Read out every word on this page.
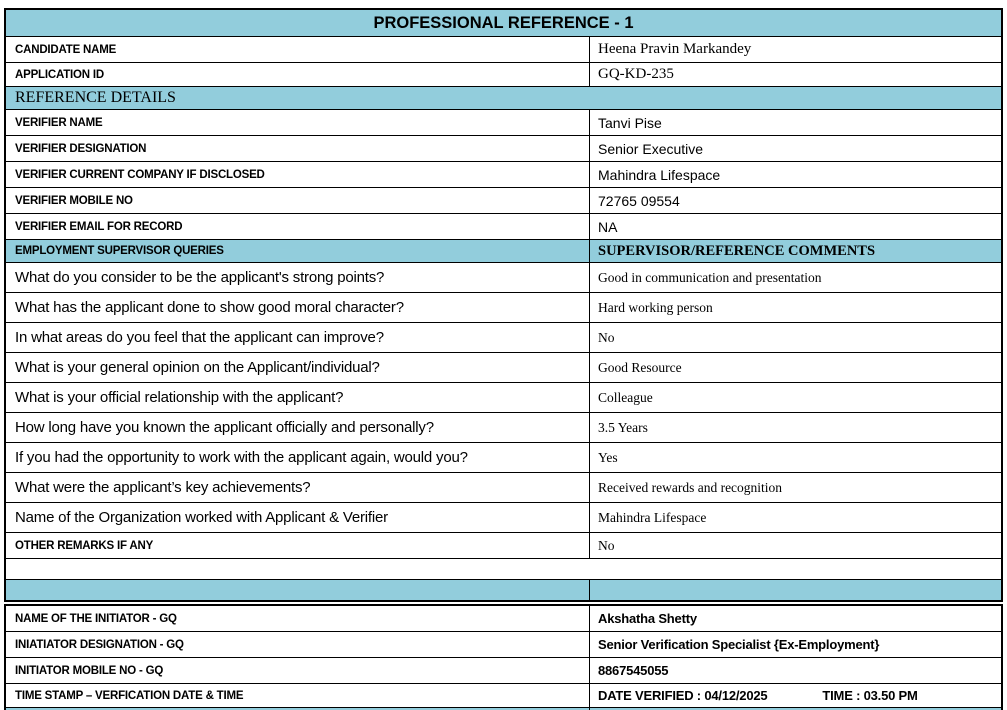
PROFESSIONAL REFERENCE - 1
CANDIDATE NAME	Heena Pravin Markandey
APPLICATION ID	GQ-KD-235
REFERENCE DETAILS
VERIFIER NAME	Tanvi Pise
VERIFIER DESIGNATION	Senior Executive
VERIFIER CURRENT COMPANY IF DISCLOSED	Mahindra Lifespace
VERIFIER MOBILE NO	72765 09554
VERIFIER EMAIL FOR RECORD	NA
EMPLOYMENT SUPERVISOR QUERIES	SUPERVISOR/REFERENCE COMMENTS
What do you consider to be the applicant's strong points?	Good in communication and presentation
What has the applicant done to show good moral character?	Hard working person
In what areas do you feel that the applicant can improve?	No
What is your general opinion on the Applicant/individual?	Good Resource
What is your official relationship with the applicant?	Colleague
How long have you known the applicant officially and personally?	3.5 Years
If you had the opportunity to work with the applicant again, would you?	Yes
What were the applicant’s key achievements?	Received rewards and recognition
Name of the Organization worked with Applicant & Verifier	Mahindra Lifespace
OTHER REMARKS IF ANY	No
NAME OF THE INITIATOR - GQ	Akshatha Shetty
INIATIATOR DESIGNATION - GQ	Senior Verification Specialist {Ex-Employment}
INITIATOR MOBILE NO - GQ	8867545055
TIME STAMP – VERFICATION DATE & TIME	DATE VERIFIED : 04/12/2025	TIME : 03.50 PM
